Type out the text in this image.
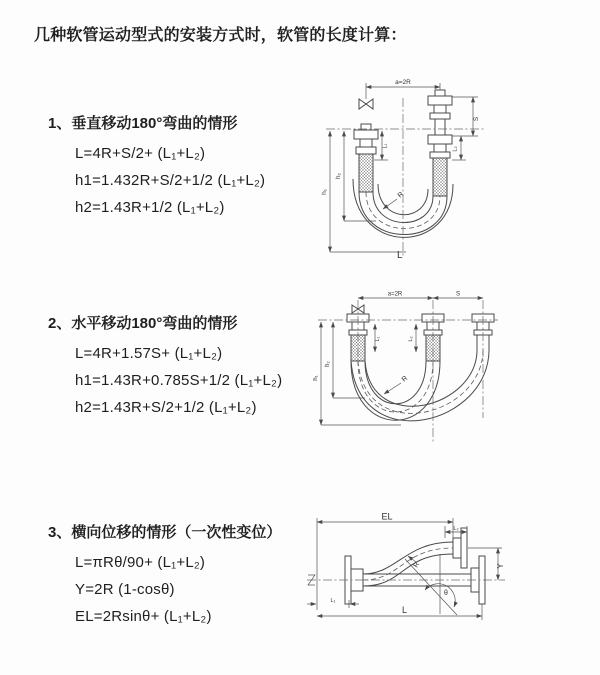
几种软管运动型式的安装方式时，软管的长度计算：
1、垂直移动180°弯曲的情形
L=4R+S/2+ (L₁+L₂)
h1=1.432R+S/2+1/2 (L₁+L₂)
h2=1.43R+1/2 (L₁+L₂)
a=2R
S
L₂
h₁
h₂
L₁
R
L
2、水平移动180°弯曲的情形
L=4R+1.57S+ (L₁+L₂)
h1=1.43R+0.785S+1/2 (L₁+L₂)
h2=1.43R+S/2+1/2 (L₁+L₂)
a=2R	S
h₁
h₂
L₁	L₂
R
3、横向位移的情形（一次性变位）
L=πRθ/90+ (L₁+L₂)
Y=2R (1-cosθ)
EL=2Rsinθ+ (L₁+L₂)
θ
EL
L₂
Y
L₁
L
R
